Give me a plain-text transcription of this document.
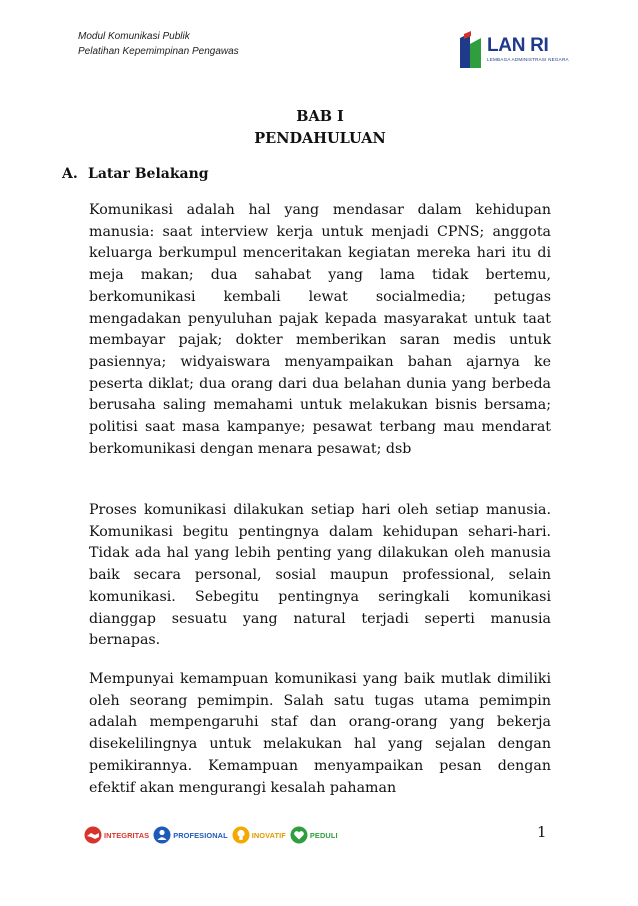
Modul Komunikasi Publik
Pelatihan Kepemimpinan Pengawas	LAN RI
LEMBAGA ADMINISTRASI NEGARA
BAB I
PENDAHULUAN
A. Latar Belakang

Komunikasi adalah hal yang mendasar dalam kehidupan manusia: saat interview kerja untuk menjadi CPNS; anggota keluarga berkumpul menceritakan kegiatan mereka hari itu di meja makan; dua sahabat yang lama tidak bertemu, berkomunikasi kembali lewat socialmedia; petugas mengadakan penyuluhan pajak kepada masyarakat untuk taat membayar pajak; dokter memberikan saran medis untuk pasiennya; widyaiswara menyampaikan bahan ajarnya ke peserta diklat; dua orang dari dua belahan dunia yang berbeda berusaha saling memahami untuk melakukan bisnis bersama; politisi saat masa kampanye; pesawat terbang mau mendarat berkomunikasi dengan menara pesawat; dsb

Proses komunikasi dilakukan setiap hari oleh setiap manusia. Komunikasi begitu pentingnya dalam kehidupan sehari-hari. Tidak ada hal yang lebih penting yang dilakukan oleh manusia baik secara personal, sosial maupun professional, selain komunikasi. Sebegitu pentingnya seringkali komunikasi dianggap sesuatu yang natural terjadi seperti manusia bernapas.

Mempunyai kemampuan komunikasi yang baik mutlak dimiliki oleh seorang pemimpin. Salah satu tugas utama pemimpin adalah mempengaruhi staf dan orang-orang yang bekerja disekelilingnya untuk melakukan hal yang sejalan dengan pemikirannya. Kemampuan menyampaikan pesan dengan efektif akan mengurangi kesalah pahaman

INTEGRITAS	PROFESIONAL	INOVATIF	PEDULI	1
